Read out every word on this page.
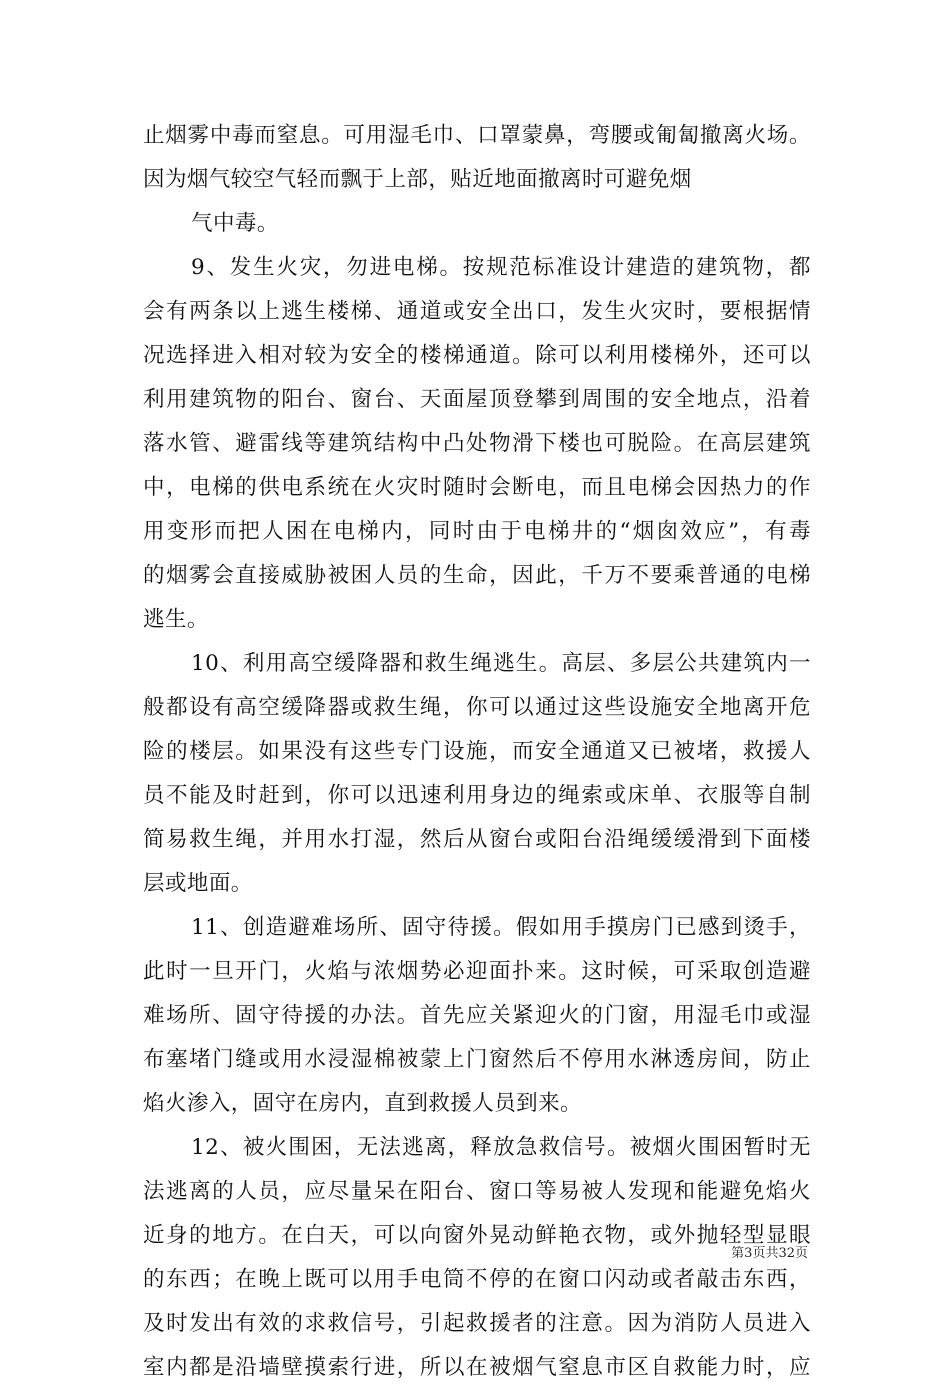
止烟雾中毒而窒息。可用湿毛巾、口罩蒙鼻，弯腰或匍匐撤离火场。
因为烟气较空气轻而飘于上部，贴近地面撤离时可避免烟
气中毒。
9、发生火灾，勿进电梯。按规范标准设计建造的建筑物，都
会有两条以上逃生楼梯、通道或安全出口，发生火灾时，要根据情
况选择进入相对较为安全的楼梯通道。除可以利用楼梯外，还可以
利用建筑物的阳台、窗台、天面屋顶登攀到周围的安全地点，沿着
落水管、避雷线等建筑结构中凸处物滑下楼也可脱险。在高层建筑
中，电梯的供电系统在火灾时随时会断电，而且电梯会因热力的作
用变形而把人困在电梯内，同时由于电梯井的“烟囱效应”，有毒
的烟雾会直接威胁被困人员的生命，因此，千万不要乘普通的电梯
逃生。
10、利用高空缓降器和救生绳逃生。高层、多层公共建筑内一
般都设有高空缓降器或救生绳，你可以通过这些设施安全地离开危
险的楼层。如果没有这些专门设施，而安全通道又已被堵，救援人
员不能及时赶到，你可以迅速利用身边的绳索或床单、衣服等自制
简易救生绳，并用水打湿，然后从窗台或阳台沿绳缓缓滑到下面楼
层或地面。
11、创造避难场所、固守待援。假如用手摸房门已感到烫手，
此时一旦开门，火焰与浓烟势必迎面扑来。这时候，可采取创造避
难场所、固守待援的办法。首先应关紧迎火的门窗，用湿毛巾或湿
布塞堵门缝或用水浸湿棉被蒙上门窗然后不停用水淋透房间，防止
焰火渗入，固守在房内，直到救援人员到来。
12、被火围困，无法逃离，释放急救信号。被烟火围困暂时无
法逃离的人员，应尽量呆在阳台、窗口等易被人发现和能避免焰火
近身的地方。在白天，可以向窗外晃动鲜艳衣物，或外抛轻型显眼
的东西；在晚上既可以用手电筒不停的在窗口闪动或者敲击东西，
及时发出有效的求救信号，引起救援者的注意。因为消防人员进入
室内都是沿墙壁摸索行进，所以在被烟气窒息市区自救能力时，应
第3页共32页
